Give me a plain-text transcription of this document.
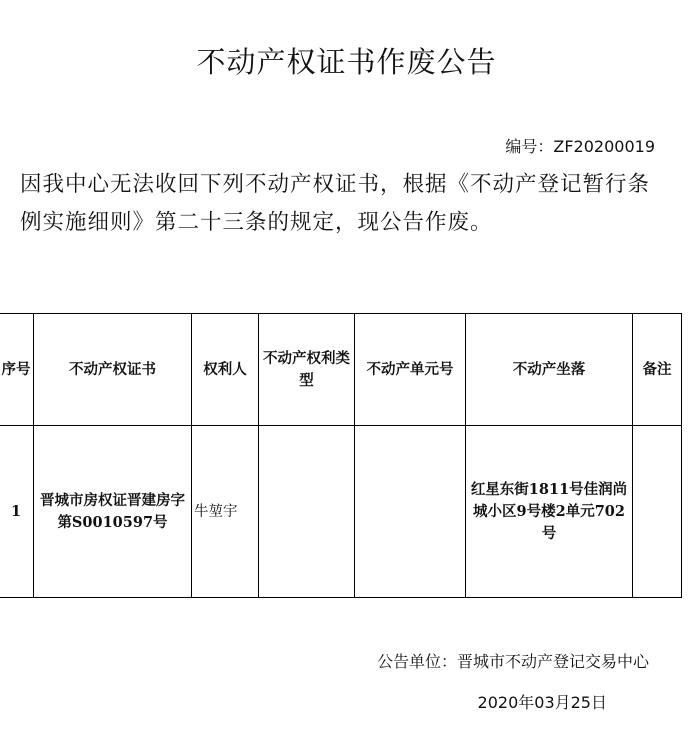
不动产权证书作废公告
编号：ZF20200019
因我中心无法收回下列不动产权证书，根据《不动产登记暂行条例实施细则》第二十三条的规定，现公告作废。
序号	不动产权证书	权利人	不动产权利类型	不动产单元号	不动产坐落	备注
1	晋城市房权证晋建房字第S0010597号	牛堃宇			红星东街1811号佳润尚城小区9号楼2单元702号	
公告单位：晋城市不动产登记交易中心
2020年03月25日
